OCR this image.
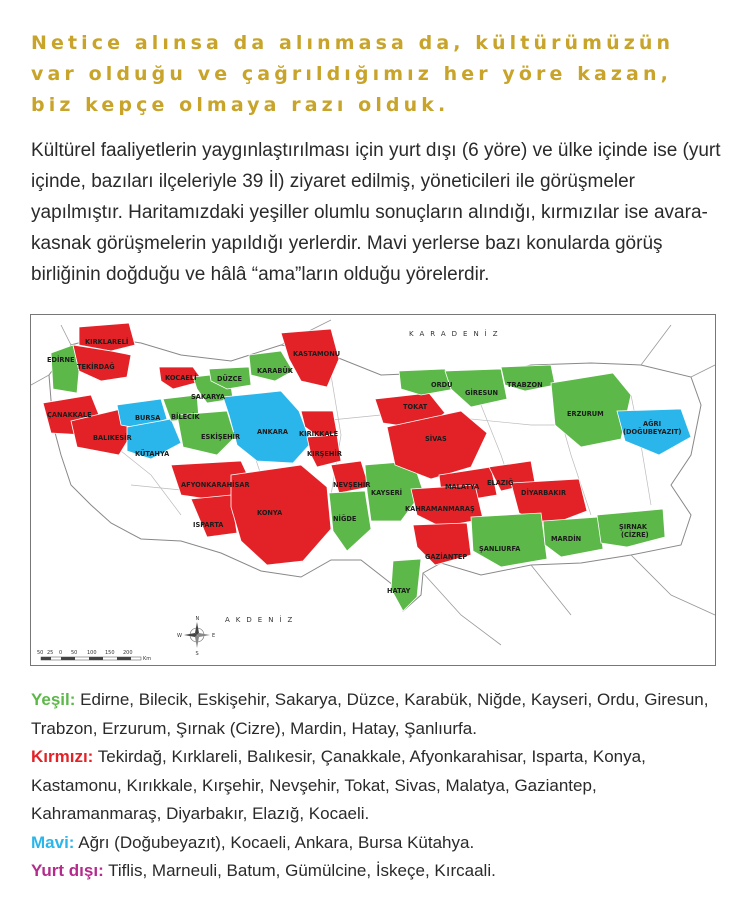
Netice alınsa da alınmasa da, kültürümüzün var olduğu ve çağrıldığımız her yöre kazan, biz kepçe olmaya razı olduk.

Kültürel faaliyetlerin yaygınlaştırılması için yurt dışı (6 yöre) ve ülke içinde ise (yurt içinde, bazıları ilçeleriyle 39 İl) ziyaret edilmiş, yöneticileri ile görüşmeler yapılmıştır. Haritamızdaki yeşiller olumlu sonuçların alındığı, kırmızılar ise avara-kasnak görüşmelerin yapıldığı yerlerdir. Mavi yerlerse bazı konularda görüş birliğinin doğduğu ve hâlâ “ama”ların olduğu yörelerdir.

KARADENİZ
AKDENİZ
EDİRNE
KIRKLARELİ
TEKİRDAĞ
ÇANAKKALE
BALIKESİR
BURSA
KÜTAHYA
BİLECİK
KOCAELİ
SAKARYA
DÜZCE
KARABÜK
KASTAMONU
ESKİŞEHİR
ANKARA KIRIKKALE
KIRŞEHİR
NEVŞEHİR
AFYONKARAHİSAR
ISPARTA
KONYA
NİĞDE
KAYSERİ
TOKAT
SİVAS
ORDU
GİRESUN
TRABZON
ERZURUM
AĞRI
(DOĞUBEYAZIT)
MALATYA ELAZIĞ
DİYARBAKIR
KAHRAMANMARAŞ
GAZİANTEP
ŞANLIURFA
MARDİN
ŞIRNAK
(CİZRE)
HATAY
N
S
E
W
50 25 0 50 100 150 200
Km

Yeşil: Edirne, Bilecik, Eskişehir, Sakarya, Düzce, Karabük, Niğde, Kayseri, Ordu, Giresun, Trabzon, Erzurum, Şırnak (Cizre), Mardin, Hatay, Şanlıurfa.

Kırmızı: Tekirdağ, Kırklareli, Balıkesir, Çanakkale, Afyonkarahisar, Isparta, Konya, Kastamonu, Kırıkkale, Kırşehir, Nevşehir, Tokat, Sivas, Malatya, Gaziantep, Kahramanmaraş, Diyarbakır, Elazığ, Kocaeli.

Mavi: Ağrı (Doğubeyazıt), Kocaeli, Ankara, Bursa Kütahya.

Yurt dışı: Tiflis, Marneuli, Batum, Gümülcine, İskeçe, Kırcaali.
